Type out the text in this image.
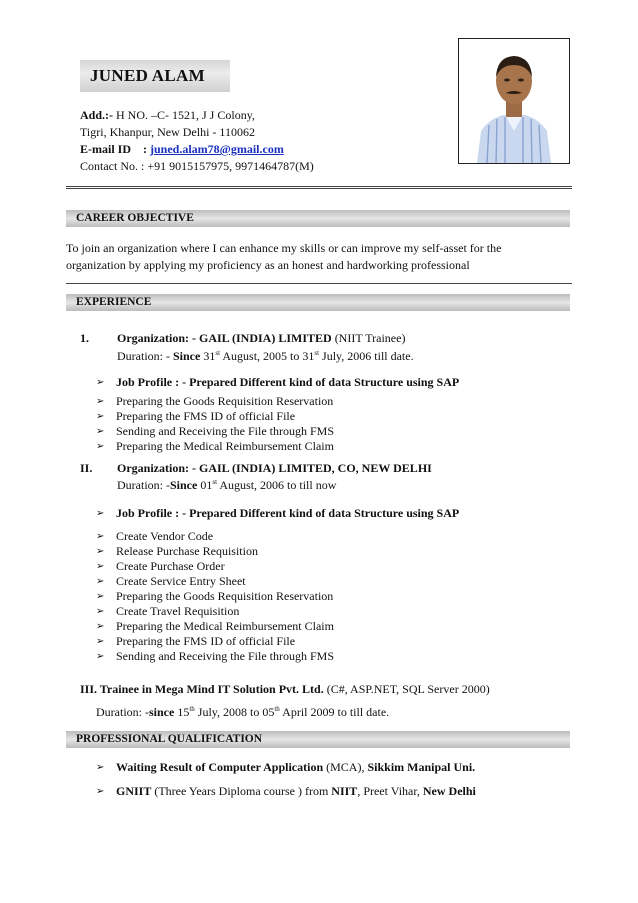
JUNED ALAM
Add.:- H NO. –C- 1521, J J Colony,
Tigri, Khanpur, New Delhi - 110062
E-mail ID : juned.alam78@gmail.com
Contact No. : +91 9015157975, 9971464787(M)
CAREER OBJECTIVE
To join an organization where I can enhance my skills or can improve my self-asset for the
organization by applying my proficiency as an honest and hardworking professional
EXPERIENCE
1. Organization: - GAIL (INDIA) LIMITED (NIIT Trainee)
Duration: - Since 31st August, 2005 to 31st July, 2006 till date.
➢ Job Profile : - Prepared Different kind of data Structure using SAP
➢ Preparing the Goods Requisition Reservation
➢ Preparing the FMS ID of official File
➢ Sending and Receiving the File through FMS
➢ Preparing the Medical Reimbursement Claim
II. Organization: - GAIL (INDIA) LIMITED, CO, NEW DELHI
Duration: -Since 01st August, 2006 to till now
➢ Job Profile : - Prepared Different kind of data Structure using SAP
➢ Create Vendor Code
➢ Release Purchase Requisition
➢ Create Purchase Order
➢ Create Service Entry Sheet
➢ Preparing the Goods Requisition Reservation
➢ Create Travel Requisition
➢ Preparing the Medical Reimbursement Claim
➢ Preparing the FMS ID of official File
➢ Sending and Receiving the File through FMS
III. Trainee in Mega Mind IT Solution Pvt. Ltd. (C#, ASP.NET, SQL Server 2000)
Duration: -since 15th July, 2008 to 05th April 2009 to till date.
PROFESSIONAL QUALIFICATION
➢ Waiting Result of Computer Application (MCA), Sikkim Manipal Uni.
➢ GNIIT (Three Years Diploma course ) from NIIT, Preet Vihar, New Delhi
